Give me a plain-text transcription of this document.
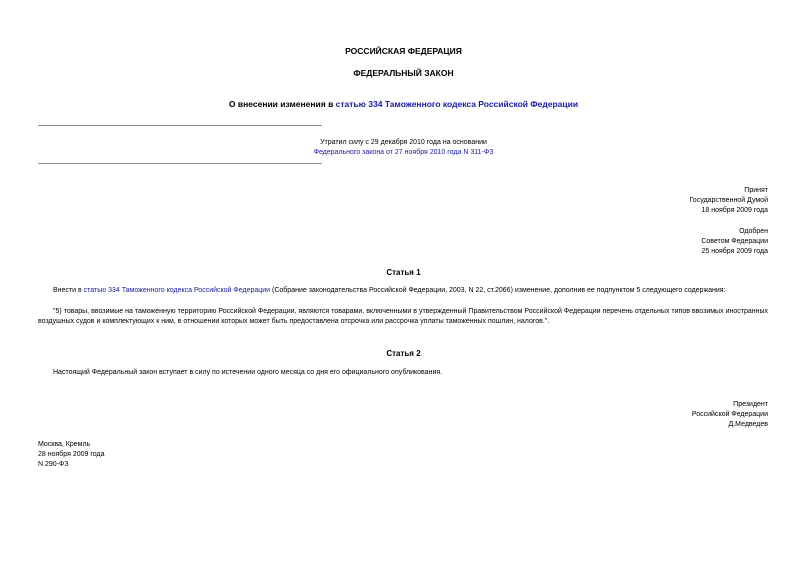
РОССИЙСКАЯ ФЕДЕРАЦИЯ
ФЕДЕРАЛЬНЫЙ ЗАКОН
О внесении изменения в статью 334 Таможенного кодекса Российской Федерации
Утратил силу с 29 декабря 2010 года на основании
Федерального закона от 27 ноября 2010 года N 311-ФЗ
Принят
Государственной Думой
18 ноября 2009 года
Одобрен
Советом Федерации
25 ноября 2009 года
Статья 1
Внести в статью 334 Таможенного кодекса Российской Федерации (Собрание законодательства Российской Федерации, 2003, N 22, ст.2066) изменение, дополнив ее подпунктом 5 следующего содержания:
"5) товары, ввозимые на таможенную территорию Российской Федерации, являются товарами, включенными в утвержденный Правительством Российской Федерации перечень отдельных типов ввозимых иностранных воздушных судов и комплектующих к ним, в отношении которых может быть предоставлена отсрочка или рассрочка уплаты таможенных пошлин, налогов.".
Статья 2
Настоящий Федеральный закон вступает в силу по истечении одного месяца со дня его официального опубликования.
Президент
Российской Федерации
Д.Медведев
Москва, Кремль
28 ноября 2009 года
N 290-ФЗ
